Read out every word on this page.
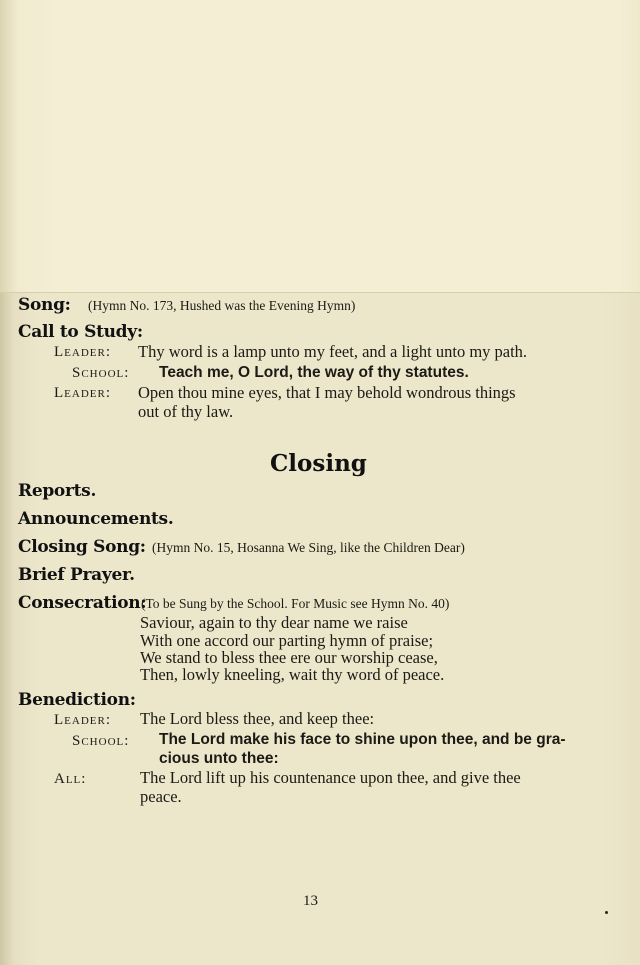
Song: (Hymn No. 173, Hushed was the Evening Hymn)
Call to Study:
Leader: Thy word is a lamp unto my feet, and a light unto my path.
School: Teach me, O Lord, the way of thy statutes.
Leader: Open thou mine eyes, that I may behold wondrous things
out of thy law.
Closing
Reports.
Announcements.
Closing Song: (Hymn No. 15, Hosanna We Sing, like the Children Dear)
Brief Prayer.
Consecration:
(To be Sung by the School. For Music see Hymn No. 40)
Saviour, again to thy dear name we raise
With one accord our parting hymn of praise;
We stand to bless thee ere our worship cease,
Then, lowly kneeling, wait thy word of peace.
Benediction:
Leader: The Lord bless thee, and keep thee:
School: The Lord make his face to shine upon thee, and be gra-
cious unto thee:
All:	The Lord lift up his countenance upon thee, and give thee
peace.
13
